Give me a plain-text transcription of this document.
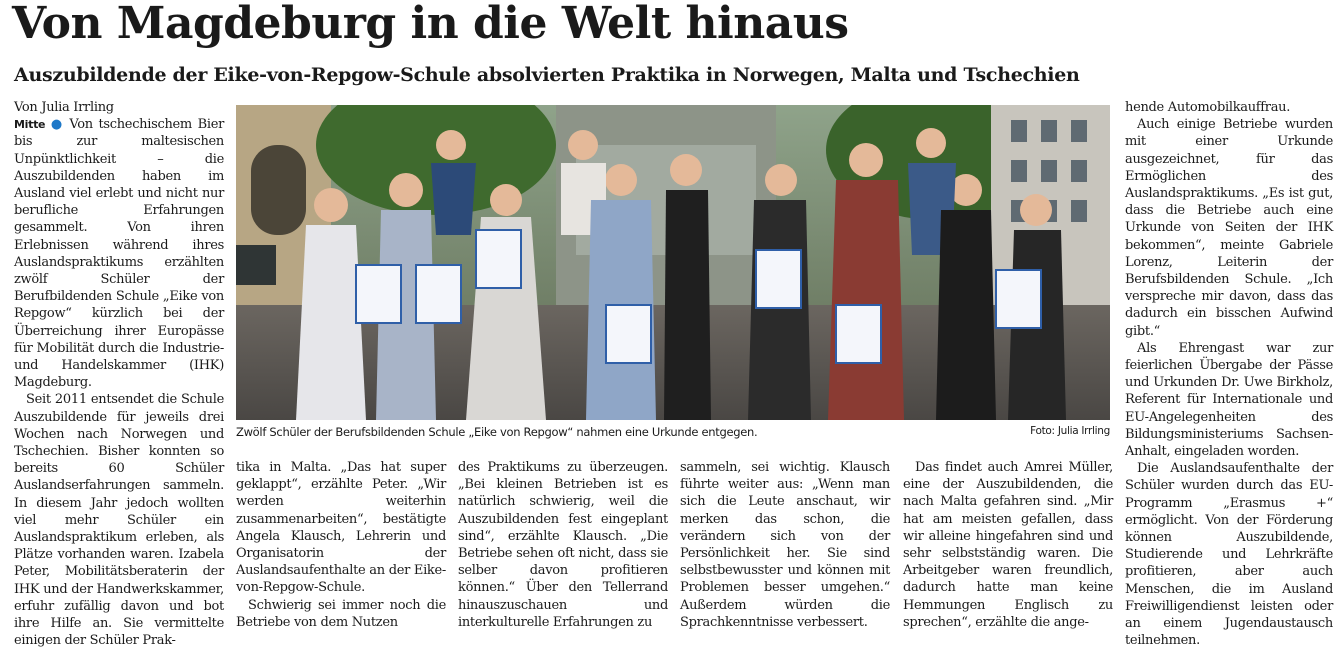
Von Magdeburg in die Welt hinaus
Auszubildende der Eike-von-Repgow-Schule absolvierten Praktika in Norwegen, Malta und Tschechien
Von Julia Irrling

Mitte ● Von tschechischem Bier bis zur maltesischen Unpünktlichkeit – die Auszubildenden haben im Ausland viel erlebt und nicht nur berufliche Erfahrungen gesammelt. Von ihren Erlebnissen während ihres Auslandspraktikums erzählten zwölf Schüler der Berufbildenden Schule „Eike von Repgow“ kürzlich bei der Überreichung ihrer Europässe für Mobilität durch die Industrie- und Handelskammer (IHK) Magdeburg.

Seit 2011 entsendet die Schule Auszubildende für jeweils drei Wochen nach Norwegen und Tschechien. Bisher konnten so bereits 60 Schüler Auslandserfahrungen sammeln. In diesem Jahr jedoch wollten viel mehr Schüler ein Auslandspraktikum erleben, als Plätze vorhanden waren. Izabela Peter, Mobilitätsberaterin der IHK und der Handwerkskammer, erfuhr zufällig davon und bot ihre Hilfe an. Sie vermittelte einigen der Schüler Prak-

Zwölf Schüler der Berufsbildenden Schule „Eike von Repgow“ nahmen eine Urkunde entgegen.	Foto: Julia Irrling

tika in Malta. „Das hat super geklappt“, erzählte Peter. „Wir werden weiterhin zusammenarbeiten“, bestätigte Angela Klausch, Lehrerin und Organisatorin der Auslandsaufenthalte an der Eike-von-Repgow-Schule.

Schwierig sei immer noch die Betriebe von dem Nutzen

des Praktikums zu überzeugen. „Bei kleinen Betrieben ist es natürlich schwierig, weil die Auszubildenden fest eingeplant sind“, erzählte Klausch. „Die Betriebe sehen oft nicht, dass sie selber davon profitieren können.“ Über den Tellerrand hinauszuschauen und interkulturelle Erfahrungen zu

sammeln, sei wichtig. Klausch führte weiter aus: „Wenn man sich die Leute anschaut, wir merken das schon, die verändern sich von der Persönlichkeit her. Sie sind selbstbewusster und können mit Problemen besser umgehen.“ Außerdem würden die Sprachkenntnisse verbessert.

Das findet auch Amrei Müller, eine der Auszubildenden, die nach Malta gefahren sind. „Mir hat am meisten gefallen, dass wir alleine hingefahren sind und sehr selbstständig waren. Die Arbeitgeber waren freundlich, dadurch hatte man keine Hemmungen Englisch zu sprechen“, erzählte die ange-

hende Automobilkauffrau.

Auch einige Betriebe wurden mit einer Urkunde ausgezeichnet, für das Ermöglichen des Auslandspraktikums. „Es ist gut, dass die Betriebe auch eine Urkunde von Seiten der IHK bekommen“, meinte Gabriele Lorenz, Leiterin der Berufsbildenden Schule. „Ich verspreche mir davon, dass das dadurch ein bisschen Aufwind gibt.“

Als Ehrengast war zur feierlichen Übergabe der Pässe und Urkunden Dr. Uwe Birkholz, Referent für Internationale und EU-Angelegenheiten des Bildungsministeriums Sachsen-Anhalt, eingeladen worden.

Die Auslandsaufenthalte der Schüler wurden durch das EU-Programm „Erasmus +“ ermöglicht. Von der Förderung können Auszubildende, Studierende und Lehrkräfte profitieren, aber auch Menschen, die im Ausland Freiwilligendienst leisten oder an einem Jugendaustausch teilnehmen.
